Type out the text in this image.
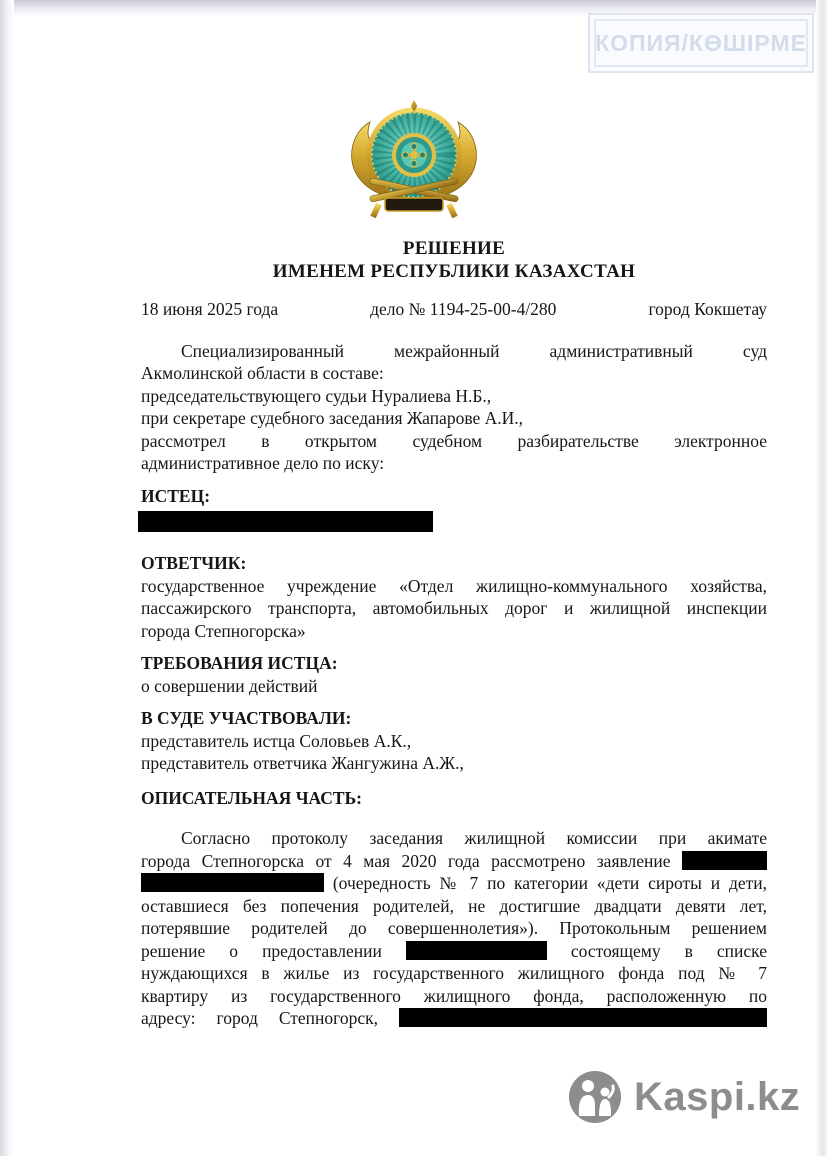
КОПИЯ/КӨШІРМЕ
РЕШЕНИЕ
ИМЕНЕМ РЕСПУБЛИКИ КАЗАХСТАН
18 июня 2025 года	дело № 1194-25-00-4/280	город Кокшетау
Специализированный межрайонный административный суд
Акмолинской области в составе:
председательствующего судьи Нуралиева Н.Б.,
при секретаре судебного заседания Жапарове А.И.,
рассмотрел в открытом судебном разбирательстве электронное
административное дело по иску:
ИСТЕЦ:
ОТВЕТЧИК:
государственное учреждение «Отдел жилищно-коммунального хозяйства,
пассажирского транспорта, автомобильных дорог и жилищной инспекции
города Степногорска»
ТРЕБОВАНИЯ ИСТЦА:
о совершении действий
В СУДЕ УЧАСТВОВАЛИ:
представитель истца Соловьев А.К.,
представитель ответчика Жангужина А.Ж.,
ОПИСАТЕЛЬНАЯ ЧАСТЬ:
Согласно протоколу заседания жилищной комиссии при акимате
города Степногорска от 4 мая 2020 года рассмотрено заявление
(очередность № 7 по категории «дети сироты и дети,
оставшиеся без попечения родителей, не достигшие двадцати девяти лет,
потерявшие родителей до совершеннолетия»). Протокольным решением
решение о предоставлении	состоящему в списке
нуждающихся в жилье из государственного жилищного фонда под № 7
квартиру из государственного жилищного фонда, расположенную по
адресу: город Степногорск,
Kaspi.kz
